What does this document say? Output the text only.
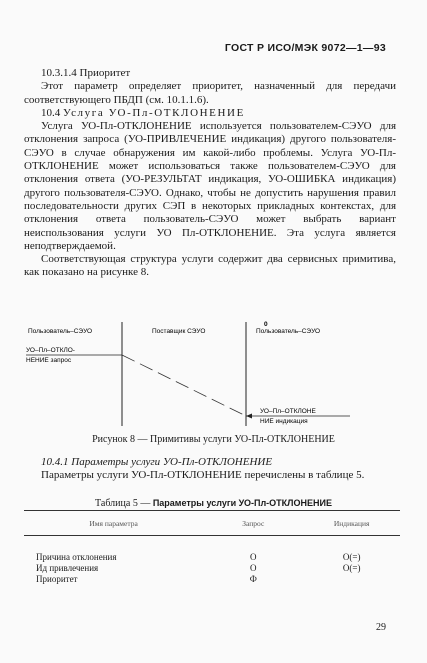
ГОСТ Р ИСО/МЭК 9072—1—93

10.3.1.4 Приоритет

Этот параметр определяет приоритет, назначенный для передачи соответствующего ПБДП (см. 10.1.1.6).

10.4 Услуга УО-Пл-ОТКЛОНЕНИЕ

Услуга УО-Пл-ОТКЛОНЕНИЕ используется пользователем-СЭУО для отклонения запроса (УО-ПРИВЛЕЧЕНИЕ индикация) другого пользователя-СЭУО в случае обнаружения им какой-либо проблемы. Услуга УО-Пл-ОТКЛОНЕНИЕ может использоваться также пользователем-СЭУО для отклонения ответа (УО-РЕЗУЛЬТАТ индикация, УО-ОШИБКА индикация) другого пользователя-СЭУО. Однако, чтобы не допустить нарушения правил последовательности других СЭП в некоторых прикладных контекстах, для отклонения ответа пользователь-СЭУО может выбрать вариант неиспользования услуги УО Пл-ОТКЛОНЕНИЕ. Эта услуга является неподтверждаемой.

Соответствующая структура услуги содержит два сервисных примитива, как показано на рисунке 8.

0
Пользователь–СЭУО	Поставщик СЭУО	Пользователь–СЭУО
УО–Пл–ОТКЛО-
НЕНИЕ запрос
УО–Пл–ОТКЛОНЕ
НИЕ индикация
Рисунок 8 — Примитивы услуги УО-Пл-ОТКЛОНЕНИЕ

10.4.1 Параметры услуги УО-Пл-ОТКЛОНЕНИЕ

Параметры услуги УО-Пл-ОТКЛОНЕНИЕ перечислены в таблице 5.

Таблица 5 — Параметры услуги УО-Пл-ОТКЛОНЕНИЕ
Имя параметра	Запрос	Индикация
Причина отклонения	О	О(=)
Ид привлечения	О	О(=)
Приоритет	Ф	
29
